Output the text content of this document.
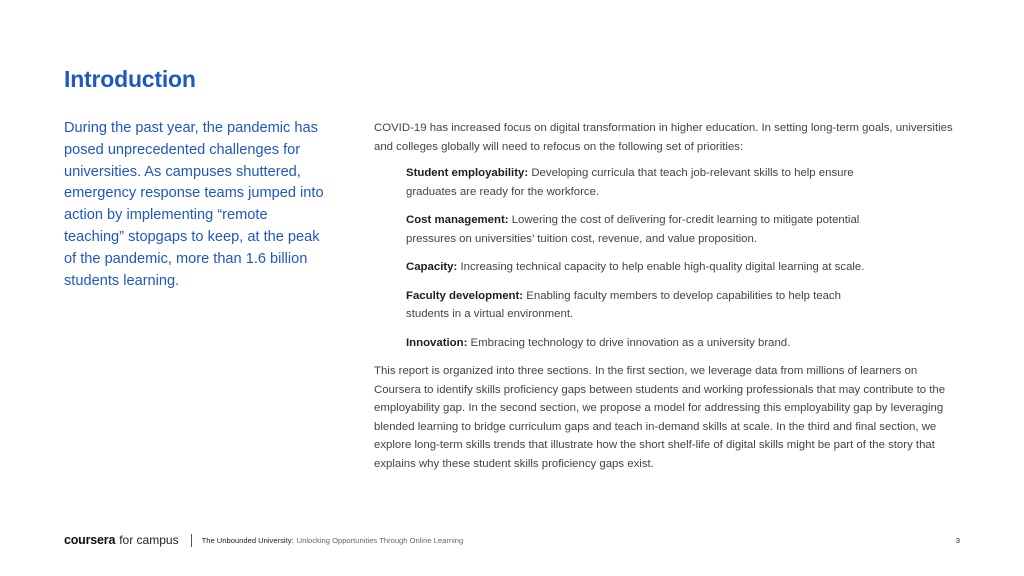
Introduction

During the past year, the pandemic has posed unprecedented challenges for universities. As campuses shuttered, emergency response teams jumped into action by implementing “remote teaching” stopgaps to keep, at the peak of the pandemic, more than 1.6 billion students learning.

COVID-19 has increased focus on digital transformation in higher education. In setting long-term goals, universities and colleges globally will need to refocus on the following set of priorities:

Student employability: Developing curricula that teach job-relevant skills to help ensure graduates are ready for the workforce.

Cost management: Lowering the cost of delivering for-credit learning to mitigate potential pressures on universities’ tuition cost, revenue, and value proposition.

Capacity: Increasing technical capacity to help enable high-quality digital learning at scale.

Faculty development: Enabling faculty members to develop capabilities to help teach students in a virtual environment.

Innovation: Embracing technology to drive innovation as a university brand.

This report is organized into three sections. In the first section, we leverage data from millions of learners on Coursera to identify skills proficiency gaps between students and working professionals that may contribute to the employability gap. In the second section, we propose a model for addressing this employability gap by leveraging blended learning to bridge curriculum gaps and teach in-demand skills at scale. In the third and final section, we explore long-term skills trends that illustrate how the short shelf-life of digital skills might be part of the story that explains why these student skills proficiency gaps exist.

coursera for campus	The Unbounded University: Unlocking Opportunities Through Online Learning	3
